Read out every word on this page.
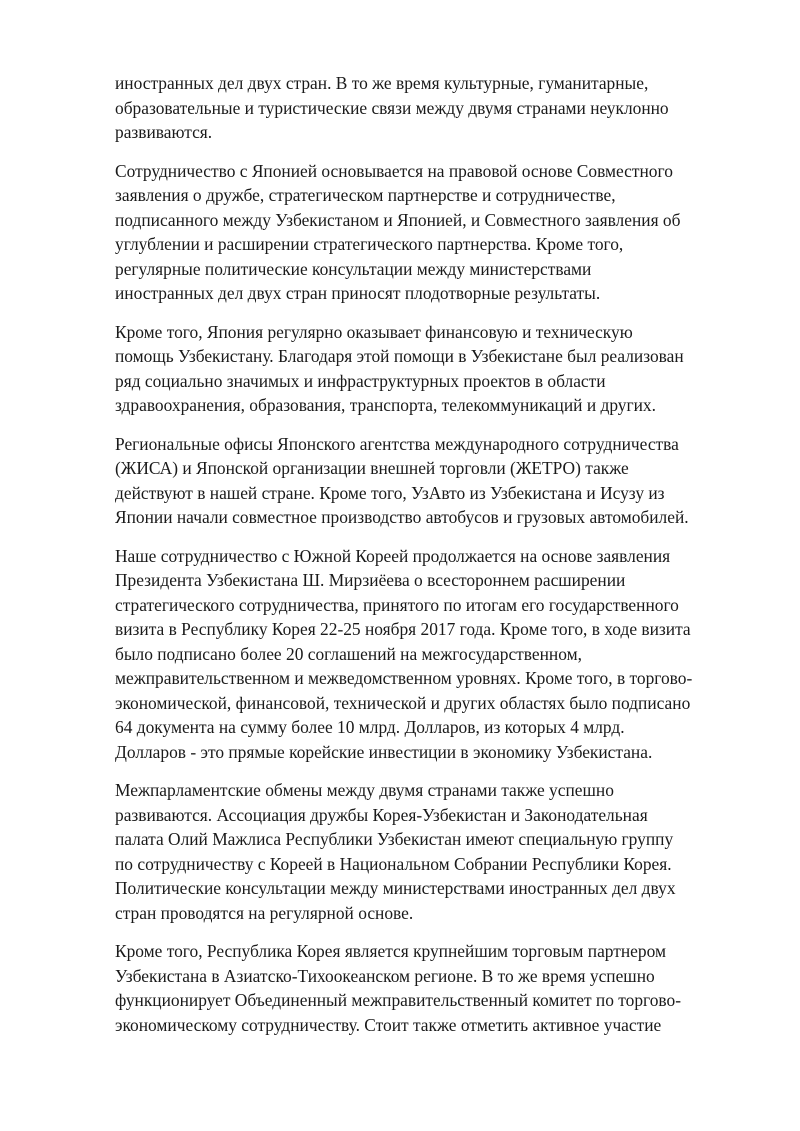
иностранных дел двух стран. В то же время культурные, гуманитарные,
образовательные и туристические связи между двумя странами неуклонно
развиваются.

Сотрудничество с Японией основывается на правовой основе Совместного
заявления о дружбе, стратегическом партнерстве и сотрудничестве,
подписанного между Узбекистаном и Японией, и Совместного заявления об
углублении и расширении стратегического партнерства. Кроме того,
регулярные политические консультации между министерствами
иностранных дел двух стран приносят плодотворные результаты.

Кроме того, Япония регулярно оказывает финансовую и техническую
помощь Узбекистану. Благодаря этой помощи в Узбекистане был реализован
ряд социально значимых и инфраструктурных проектов в области
здравоохранения, образования, транспорта, телекоммуникаций и других.

Региональные офисы Японского агентства международного сотрудничества
(ЖИСА) и Японской организации внешней торговли (ЖЕТРО) также
действуют в нашей стране. Кроме того, УзАвто из Узбекистана и Исузу из
Японии начали совместное производство автобусов и грузовых автомобилей.

Наше сотрудничество с Южной Кореей продолжается на основе заявления
Президента Узбекистана Ш. Мирзиёева о всестороннем расширении
стратегического сотрудничества, принятого по итогам его государственного
визита в Республику Корея 22-25 ноября 2017 года. Кроме того, в ходе визита
было подписано более 20 соглашений на межгосударственном,
межправительственном и межведомственном уровнях. Кроме того, в торгово-
экономической, финансовой, технической и других областях было подписано
64 документа на сумму более 10 млрд. Долларов, из которых 4 млрд.
Долларов - это прямые корейские инвестиции в экономику Узбекистана.

Межпарламентские обмены между двумя странами также успешно
развиваются. Ассоциация дружбы Корея-Узбекистан и Законодательная
палата Олий Мажлиса Республики Узбекистан имеют специальную группу
по сотрудничеству с Кореей в Национальном Собрании Республики Корея.
Политические консультации между министерствами иностранных дел двух
стран проводятся на регулярной основе.

Кроме того, Республика Корея является крупнейшим торговым партнером
Узбекистана в Азиатско-Тихоокеанском регионе. В то же время успешно
функционирует Объединенный межправительственный комитет по торгово-
экономическому сотрудничеству. Стоит также отметить активное участие
